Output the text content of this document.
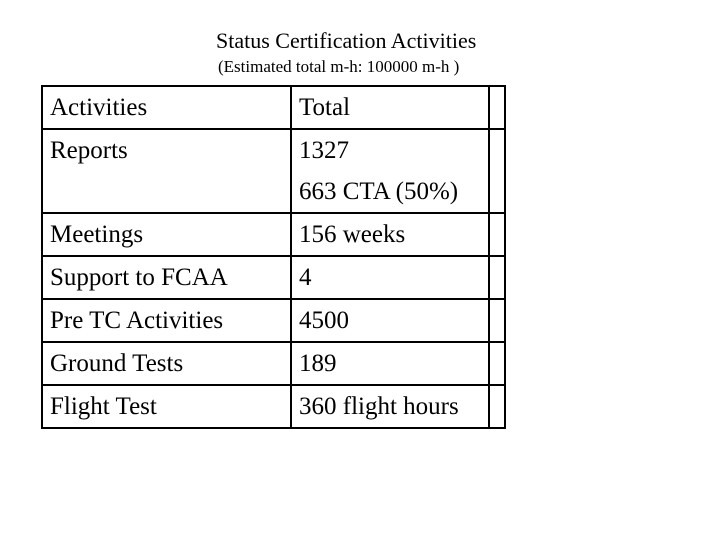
Status Certification Activities
(Estimated total m-h: 100000 m-h )
Activities	Total	

Reports	1327
663 CTA (50%)	

Meetings	156 weeks	

Support to FCAA	4	

Pre TC Activities	4500	

Ground Tests	189	

Flight Test	360 flight hours	
